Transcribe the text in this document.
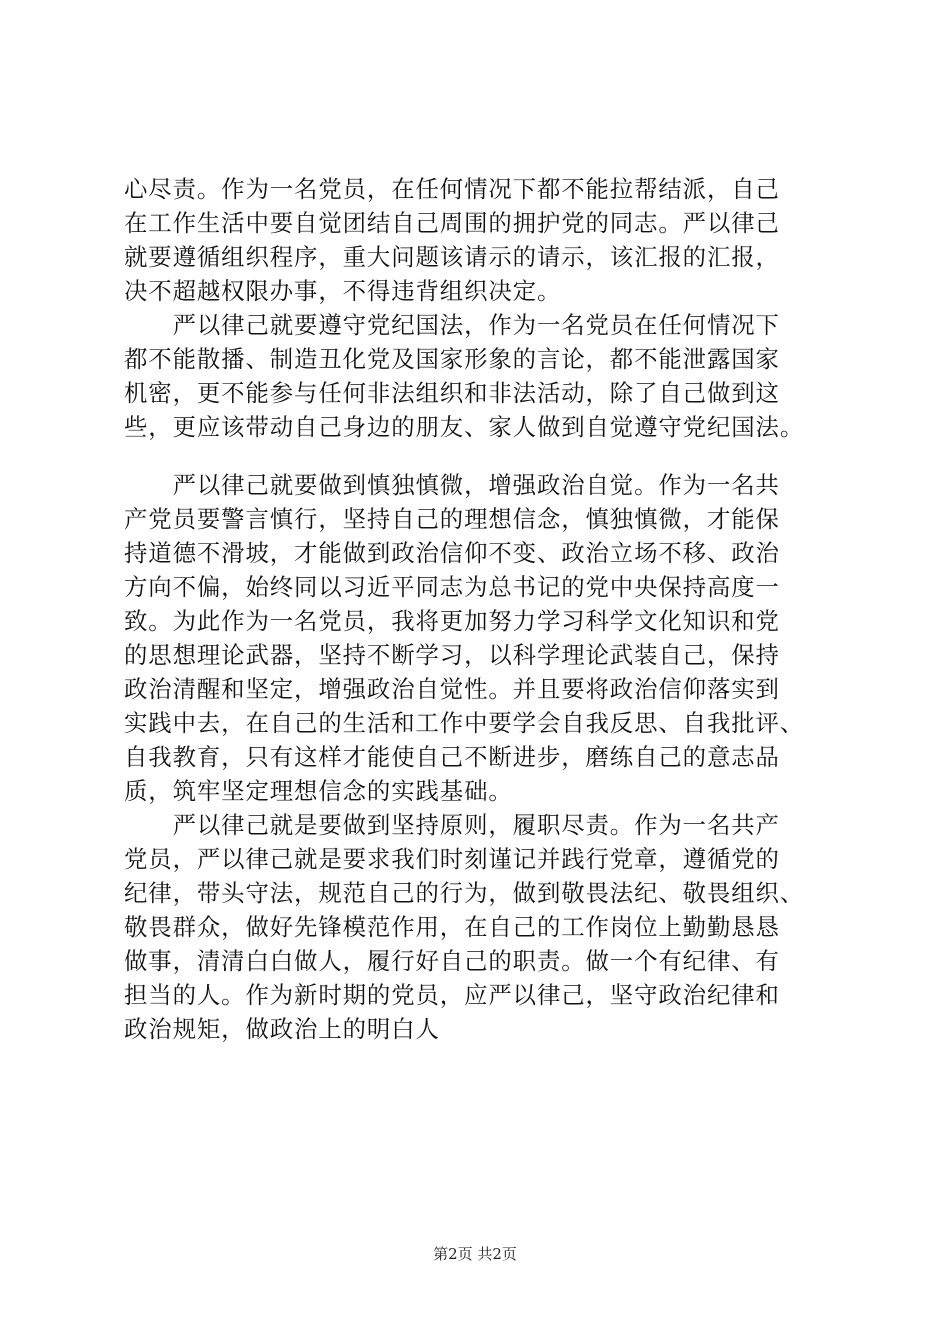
心尽责。作为一名党员，在任何情况下都不能拉帮结派，自己
在工作生活中要自觉团结自己周围的拥护党的同志。严以律己
就要遵循组织程序，重大问题该请示的请示，该汇报的汇报，
决不超越权限办事，不得违背组织决定。
　　严以律己就要遵守党纪国法，作为一名党员在任何情况下
都不能散播、制造丑化党及国家形象的言论，都不能泄露国家
机密，更不能参与任何非法组织和非法活动，除了自己做到这
些，更应该带动自己身边的朋友、家人做到自觉遵守党纪国法。
　　严以律己就要做到慎独慎微，增强政治自觉。作为一名共
产党员要警言慎行，坚持自己的理想信念，慎独慎微，才能保
持道德不滑坡，才能做到政治信仰不变、政治立场不移、政治
方向不偏，始终同以习近平同志为总书记的党中央保持高度一
致。为此作为一名党员，我将更加努力学习科学文化知识和党
的思想理论武器，坚持不断学习，以科学理论武装自己，保持
政治清醒和坚定，增强政治自觉性。并且要将政治信仰落实到
实践中去，在自己的生活和工作中要学会自我反思、自我批评、
自我教育，只有这样才能使自己不断进步，磨练自己的意志品
质，筑牢坚定理想信念的实践基础。
　　严以律己就是要做到坚持原则，履职尽责。作为一名共产
党员，严以律己就是要求我们时刻谨记并践行党章，遵循党的
纪律，带头守法，规范自己的行为，做到敬畏法纪、敬畏组织、
敬畏群众，做好先锋模范作用，在自己的工作岗位上勤勤恳恳
做事，清清白白做人，履行好自己的职责。做一个有纪律、有
担当的人。作为新时期的党员，应严以律己，坚守政治纪律和
政治规矩，做政治上的明白人
第2页 共2页
